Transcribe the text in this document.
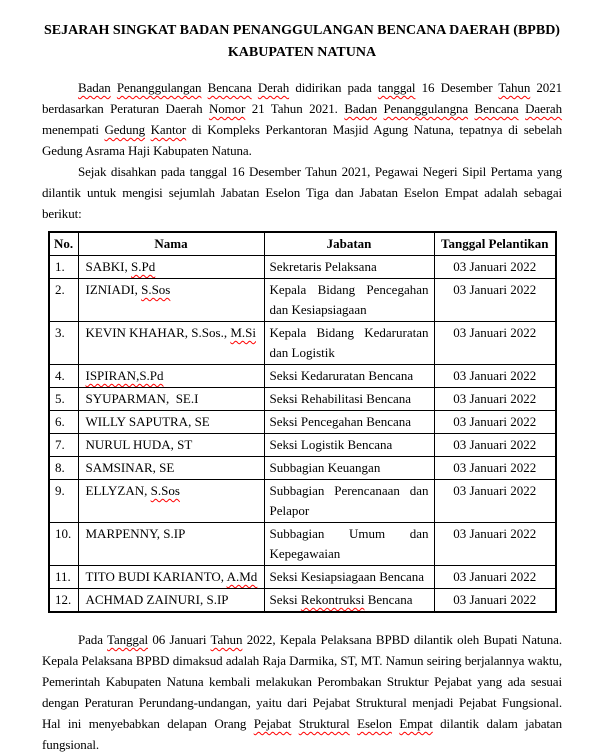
SEJARAH SINGKAT BADAN PENANGGULANGAN BENCANA DAERAH (BPBD)
KABUPATEN NATUNA

Badan Penanggulangan Bencana Derah didirikan pada tanggal 16 Desember Tahun 2021 berdasarkan Peraturan Daerah Nomor 21 Tahun 2021. Badan Penanggulangna Bencana Daerah menempati Gedung Kantor di Kompleks Perkantoran Masjid Agung Natuna, tepatnya di sebelah Gedung Asrama Haji Kabupaten Natuna.

Sejak disahkan pada tanggal 16 Desember Tahun 2021, Pegawai Negeri Sipil Pertama yang dilantik untuk mengisi sejumlah Jabatan Eselon Tiga dan Jabatan Eselon Empat adalah sebagai berikut:

No.	Nama	Jabatan	Tanggal Pelantikan
1.	SABKI, S.Pd	Sekretaris Pelaksana	03 Januari 2022
2.	IZNIADI, S.Sos	Kepala Bidang Pencegahan dan Kesiapsiagaan	03 Januari 2022
3.	KEVIN KHAHAR, S.Sos., M.Si	Kepala Bidang Kedaruratan dan Logistik	03 Januari 2022
4.	ISPIRAN,S.Pd	Seksi Kedaruratan Bencana	03 Januari 2022
5.	SYUPARMAN,  SE.I	Seksi Rehabilitasi Bencana	03 Januari 2022
6.	WILLY SAPUTRA, SE	Seksi Pencegahan Bencana	03 Januari 2022
7.	NURUL HUDA, ST	Seksi Logistik Bencana	03 Januari 2022
8.	SAMSINAR, SE	Subbagian Keuangan	03 Januari 2022
9.	ELLYZAN, S.Sos	Subbagian Perencanaan dan Pelapor	03 Januari 2022
10.	MARPENNY, S.IP	Subbagian Umum dan Kepegawaian	03 Januari 2022
11.	TITO BUDI KARIANTO, A.Md	Seksi Kesiapsiagaan Bencana	03 Januari 2022
12.	ACHMAD ZAINURI, S.IP	Seksi Rekontruksi Bencana	03 Januari 2022

Pada Tanggal 06 Januari Tahun 2022, Kepala Pelaksana BPBD dilantik oleh Bupati Natuna. Kepala Pelaksana BPBD dimaksud adalah Raja Darmika, ST, MT. Namun seiring berjalannya waktu, Pemerintah Kabupaten Natuna kembali melakukan Perombakan Struktur Pejabat yang ada sesuai dengan Peraturan Perundang-undangan, yaitu dari Pejabat Struktural menjadi Pejabat Fungsional. Hal ini menyebabkan delapan Orang Pejabat Struktural Eselon Empat dilantik dalam jabatan fungsional.
